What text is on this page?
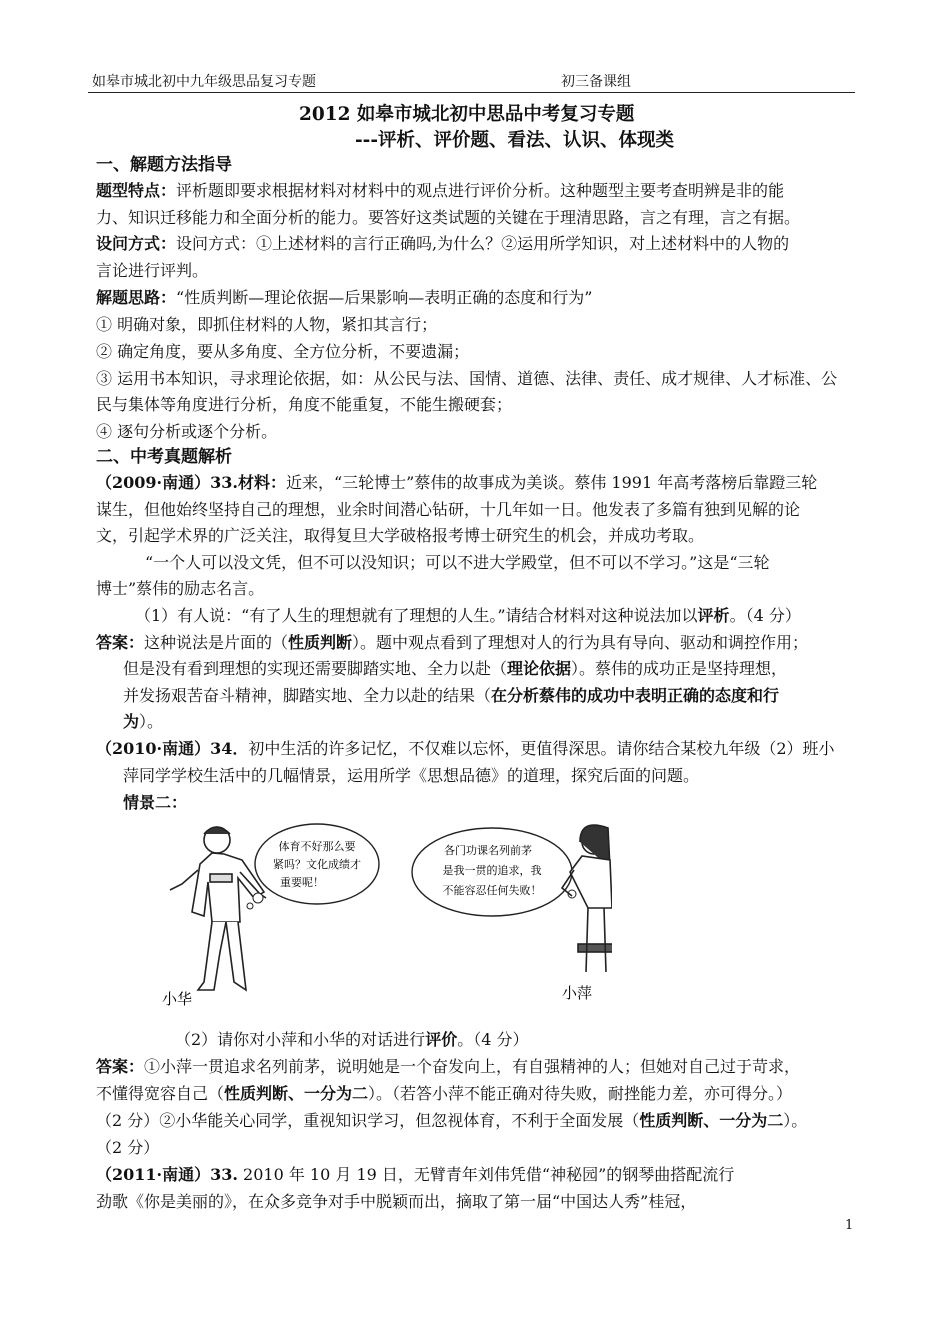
如皋市城北初中九年级思品复习专题	初三备课组
2012 如皋市城北初中思品中考复习专题
---评析、评价题、看法、认识、体现类
一、解题方法指导
题型特点：评析题即要求根据材料对材料中的观点进行评价分析。这种题型主要考查明辨是非的能
力、知识迁移能力和全面分析的能力。要答好这类试题的关键在于理清思路，言之有理，言之有据。
设问方式：设问方式：①上述材料的言行正确吗,为什么？②运用所学知识，对上述材料中的人物的
言论进行评判。
解题思路：“性质判断—理论依据—后果影响—表明正确的态度和行为”
① 明确对象，即抓住材料的人物，紧扣其言行；
② 确定角度，要从多角度、全方位分析，不要遗漏；
③ 运用书本知识，寻求理论依据，如：从公民与法、国情、道德、法律、责任、成才规律、人才标准、公
民与集体等角度进行分析，角度不能重复，不能生搬硬套；
④ 逐句分析或逐个分析。
二、中考真题解析
（2009·南通）33.材料：近来，“三轮博士”蔡伟的故事成为美谈。蔡伟 1991 年高考落榜后靠蹬三轮
谋生，但他始终坚持自己的理想，业余时间潜心钻研，十几年如一日。他发表了多篇有独到见解的论
文，引起学术界的广泛关注，取得复旦大学破格报考博士研究生的机会，并成功考取。
“一个人可以没文凭，但不可以没知识；可以不进大学殿堂，但不可以不学习。”这是“三轮
博士”蔡伟的励志名言。
（1）有人说：“有了人生的理想就有了理想的人生。”请结合材料对这种说法加以评析。（4 分）
答案：这种说法是片面的（性质判断）。题中观点看到了理想对人的行为具有导向、驱动和调控作用；
但是没有看到理想的实现还需要脚踏实地、全力以赴（理论依据）。蔡伟的成功正是坚持理想，
并发扬艰苦奋斗精神，脚踏实地、全力以赴的结果（在分析蔡伟的成功中表明正确的态度和行
为）。
（2010·南通）34．初中生活的许多记忆，不仅难以忘怀，更值得深思。请你结合某校九年级（2）班小
萍同学学校生活中的几幅情景，运用所学《思想品德》的道理，探究后面的问题。
情景二：
小华
体育不好那么要
紧吗？文化成绩才
重要呢！
各门功课名列前茅
是我一贯的追求，我
不能容忍任何失败！
小萍
（2）请你对小萍和小华的对话进行评价。（4 分）
答案：①小萍一贯追求名列前茅，说明她是一个奋发向上，有自强精神的人；但她对自己过于苛求，
不懂得宽容自己（性质判断、一分为二）。（若答小萍不能正确对待失败，耐挫能力差，亦可得分。）
（2 分）②小华能关心同学，重视知识学习，但忽视体育，不利于全面发展（性质判断、一分为二）。
（2 分）
（2011·南通）33. 2010 年 10 月 19 日，无臂青年刘伟凭借“神秘园”的钢琴曲搭配流行
劲歌《你是美丽的》，在众多竞争对手中脱颖而出，摘取了第一届“中国达人秀”桂冠，
1
